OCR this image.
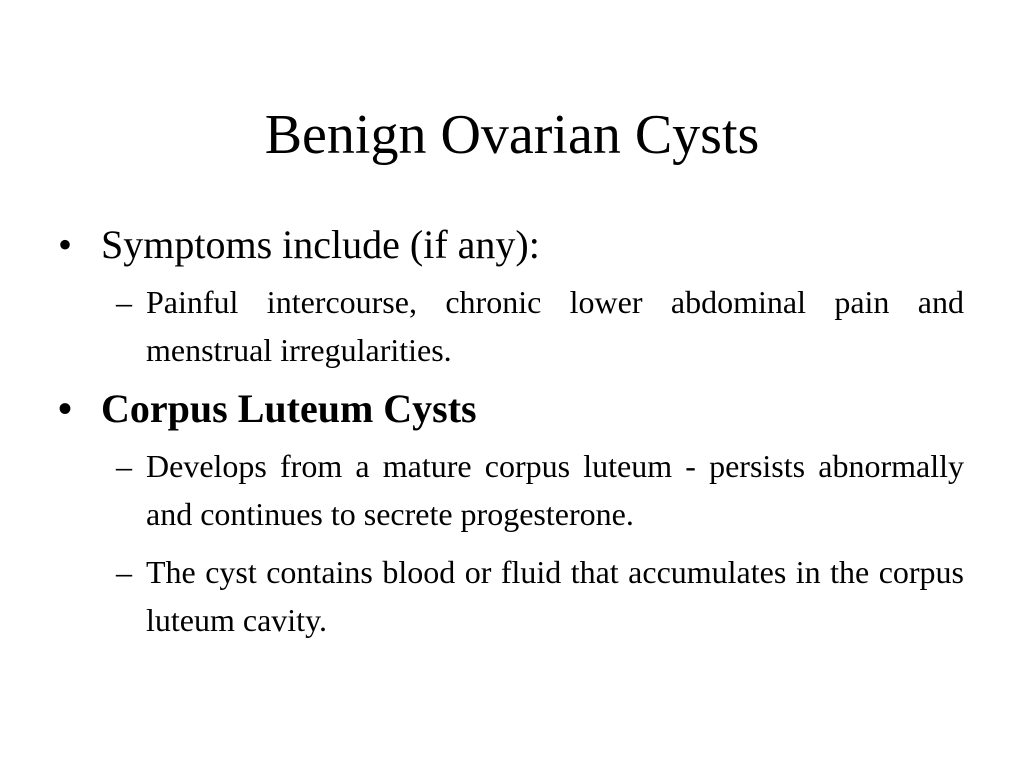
Benign Ovarian Cysts
• Symptoms include (if any):
– Painful intercourse, chronic lower abdominal pain and menstrual irregularities.
• Corpus Luteum Cysts
– Develops from a mature corpus luteum - persists abnormally and continues to secrete progesterone.
– The cyst contains blood or fluid that accumulates in the corpus luteum cavity.
